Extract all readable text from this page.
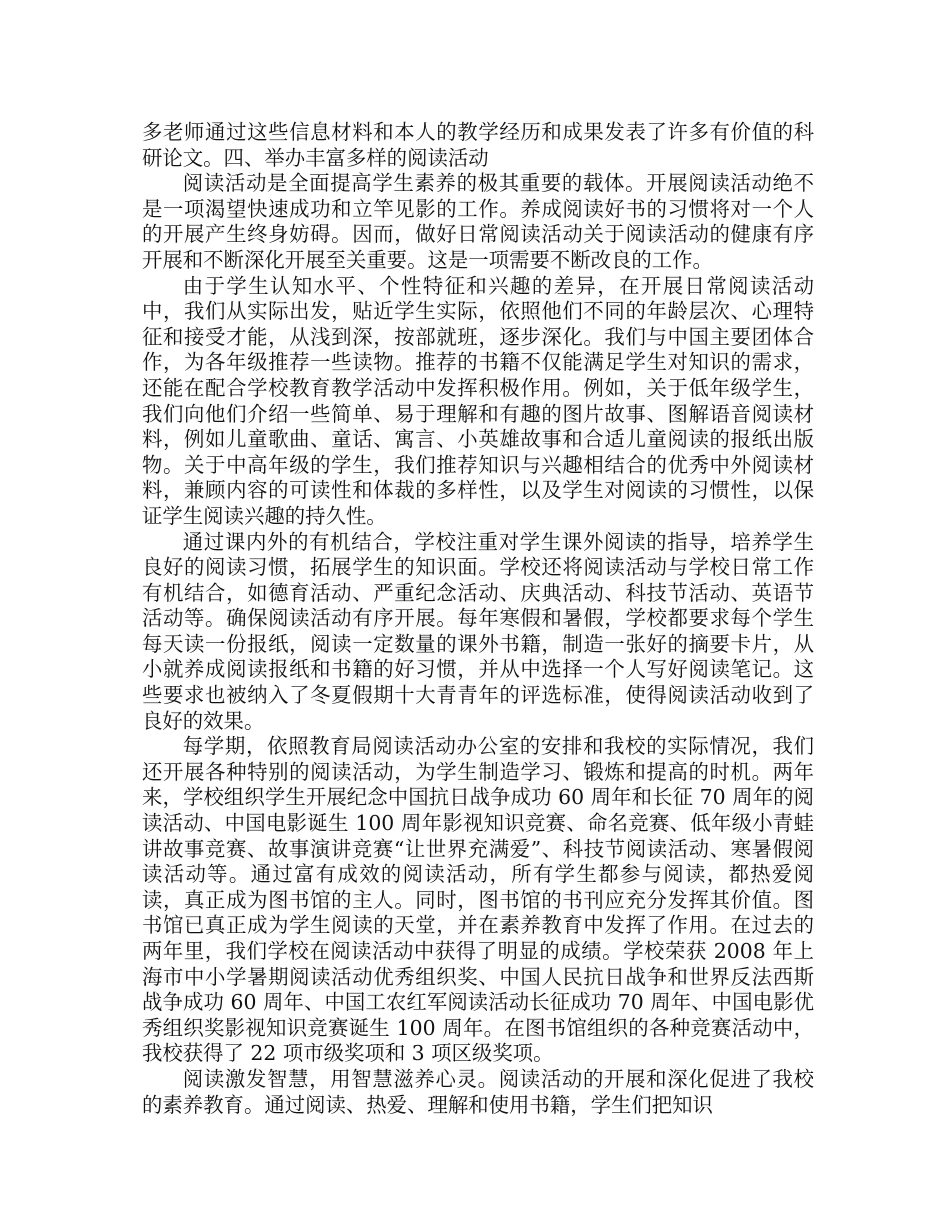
多老师通过这些信息材料和本人的教学经历和成果发表了许多有价值的科研论文。四、举办丰富多样的阅读活动

阅读活动是全面提高学生素养的极其重要的载体。开展阅读活动绝不是一项渴望快速成功和立竿见影的工作。养成阅读好书的习惯将对一个人的开展产生终身妨碍。因而，做好日常阅读活动关于阅读活动的健康有序开展和不断深化开展至关重要。这是一项需要不断改良的工作。

由于学生认知水平、个性特征和兴趣的差异，在开展日常阅读活动中，我们从实际出发，贴近学生实际，依照他们不同的年龄层次、心理特征和接受才能，从浅到深，按部就班，逐步深化。我们与中国主要团体合作，为各年级推荐一些读物。推荐的书籍不仅能满足学生对知识的需求，还能在配合学校教育教学活动中发挥积极作用。例如，关于低年级学生，我们向他们介绍一些简单、易于理解和有趣的图片故事、图解语音阅读材料，例如儿童歌曲、童话、寓言、小英雄故事和合适儿童阅读的报纸出版物。关于中高年级的学生，我们推荐知识与兴趣相结合的优秀中外阅读材料，兼顾内容的可读性和体裁的多样性，以及学生对阅读的习惯性，以保证学生阅读兴趣的持久性。

通过课内外的有机结合，学校注重对学生课外阅读的指导，培养学生良好的阅读习惯，拓展学生的知识面。学校还将阅读活动与学校日常工作有机结合，如德育活动、严重纪念活动、庆典活动、科技节活动、英语节活动等。确保阅读活动有序开展。每年寒假和暑假，学校都要求每个学生每天读一份报纸，阅读一定数量的课外书籍，制造一张好的摘要卡片，从小就养成阅读报纸和书籍的好习惯，并从中选择一个人写好阅读笔记。这些要求也被纳入了冬夏假期十大青青年的评选标准，使得阅读活动收到了良好的效果。

每学期，依照教育局阅读活动办公室的安排和我校的实际情况，我们还开展各种特别的阅读活动，为学生制造学习、锻炼和提高的时机。两年来，学校组织学生开展纪念中国抗日战争成功 60 周年和长征 70 周年的阅读活动、中国电影诞生 100 周年影视知识竞赛、命名竞赛、低年级小青蛙讲故事竞赛、故事演讲竞赛“让世界充满爱”、科技节阅读活动、寒暑假阅读活动等。通过富有成效的阅读活动，所有学生都参与阅读，都热爱阅读，真正成为图书馆的主人。同时，图书馆的书刊应充分发挥其价值。图书馆已真正成为学生阅读的天堂，并在素养教育中发挥了作用。在过去的两年里，我们学校在阅读活动中获得了明显的成绩。学校荣获 2008 年上海市中小学暑期阅读活动优秀组织奖、中国人民抗日战争和世界反法西斯战争成功 60 周年、中国工农红军阅读活动长征成功 70 周年、中国电影优秀组织奖影视知识竞赛诞生 100 周年。在图书馆组织的各种竞赛活动中，我校获得了 22 项市级奖项和 3 项区级奖项。

阅读激发智慧，用智慧滋养心灵。阅读活动的开展和深化促进了我校的素养教育。通过阅读、热爱、理解和使用书籍，学生们把知识
